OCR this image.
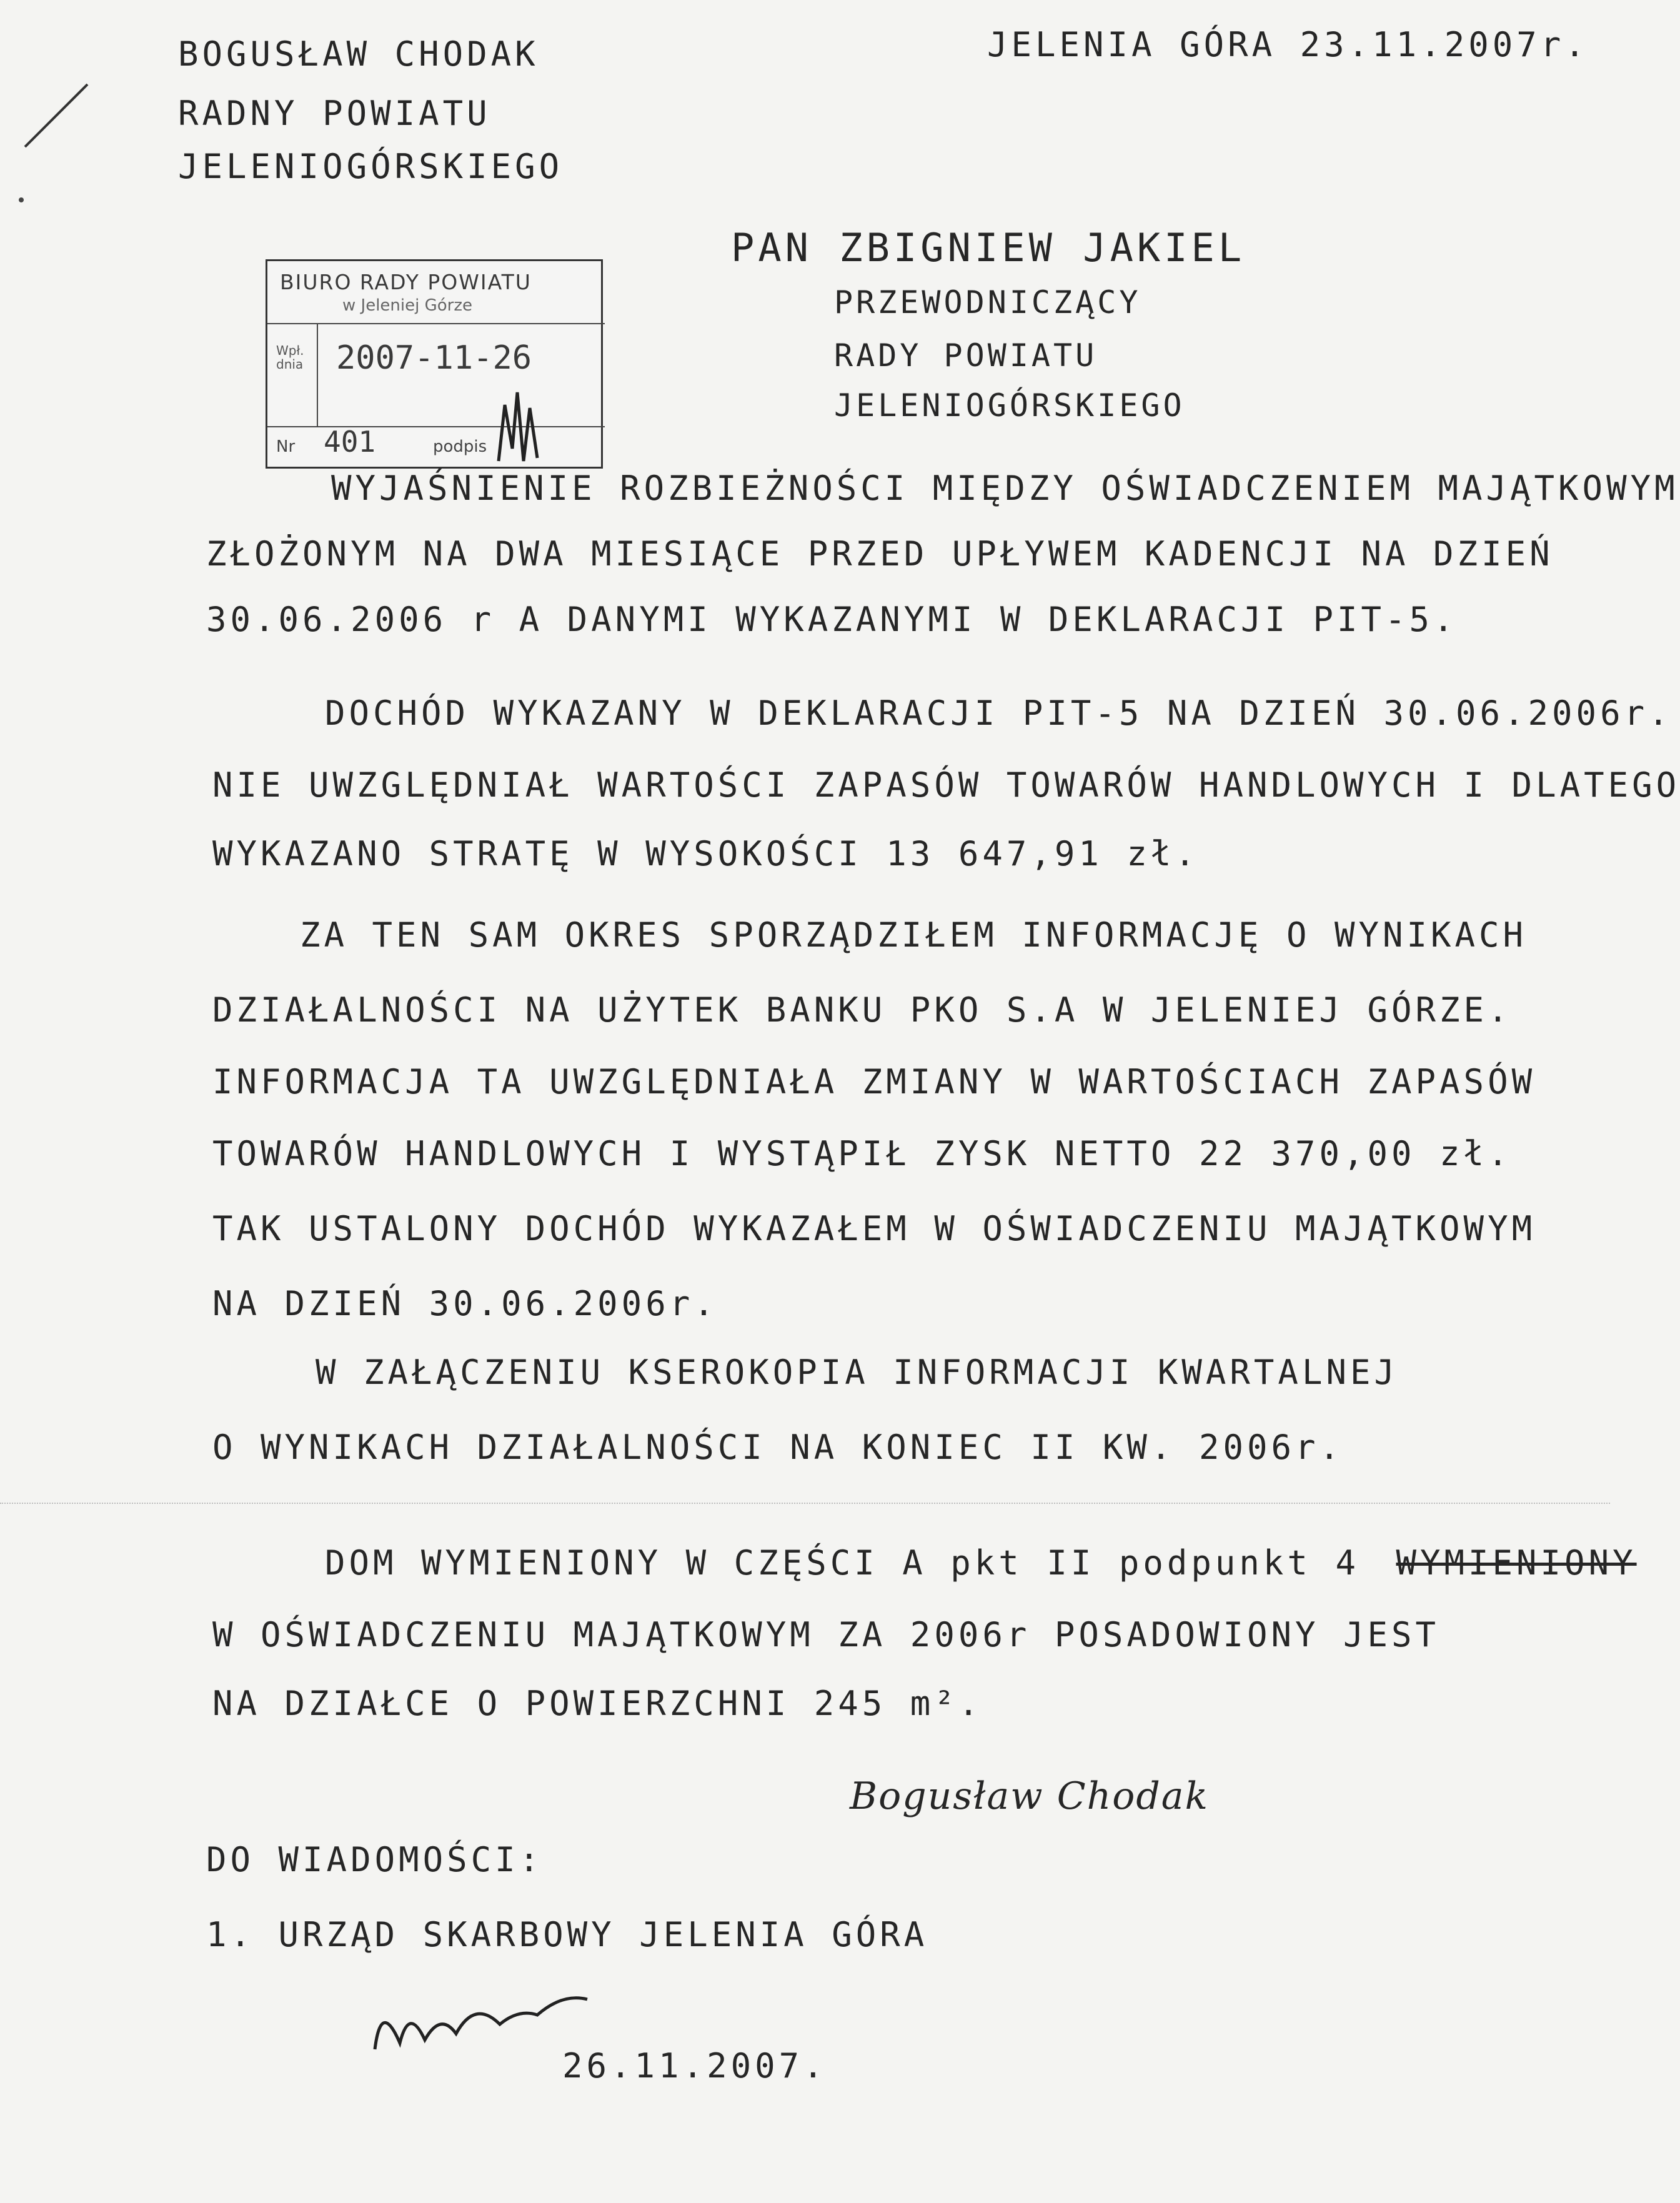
BOGUSŁAW CHODAK
RADNY POWIATU
JELENIOGÓRSKIEGO
JELENIA GÓRA 23.11.2007r.
BIURO RADY POWIATU
w Jeleniej Górze
Wpł. dnia	2007-11-26
Nr 401	podpis
PAN ZBIGNIEW JAKIEL
PRZEWODNICZĄCY
RADY POWIATU
JELENIOGÓRSKIEGO
WYJAŚNIENIE ROZBIEŻNOŚCI MIĘDZY OŚWIADCZENIEM MAJĄTKOWYM
ZŁOŻONYM NA DWA MIESIĄCE PRZED UPŁYWEM KADENCJI NA DZIEŃ
30.06.2006 r A DANYMI WYKAZANYMI W DEKLARACJI PIT-5.
DOCHÓD WYKAZANY W DEKLARACJI PIT-5 NA DZIEŃ 30.06.2006r.
NIE UWZGLĘDNIAŁ WARTOŚCI ZAPASÓW TOWARÓW HANDLOWYCH I DLATEGO
WYKAZANO STRATĘ W WYSOKOŚCI 13 647,91 zł.
ZA TEN SAM OKRES SPORZĄDZIŁEM INFORMACJĘ O WYNIKACH
DZIAŁALNOŚCI NA UŻYTEK BANKU PKO S.A W JELENIEJ GÓRZE.
INFORMACJA TA UWZGLĘDNIAŁA ZMIANY W WARTOŚCIACH ZAPASÓW
TOWARÓW HANDLOWYCH I WYSTĄPIŁ ZYSK NETTO 22 370,00 zł.
TAK USTALONY DOCHÓD WYKAZAŁEM W OŚWIADCZENIU MAJĄTKOWYM
NA DZIEŃ 30.06.2006r.
W ZAŁĄCZENIU KSEROKOPIA INFORMACJI KWARTALNEJ
O WYNIKACH DZIAŁALNOŚCI NA KONIEC II KW. 2006r.
DOM WYMIENIONY W CZĘŚCI A pkt II podpunkt 4 WYMIENIONY
W OŚWIADCZENIU MAJĄTKOWYM ZA 2006r POSADOWIONY JEST
NA DZIAŁCE O POWIERZCHNI 245 m².
Bogusław Chodak
DO WIADOMOŚCI:
1. URZĄD SKARBOWY JELENIA GÓRA
26.11.2007.
